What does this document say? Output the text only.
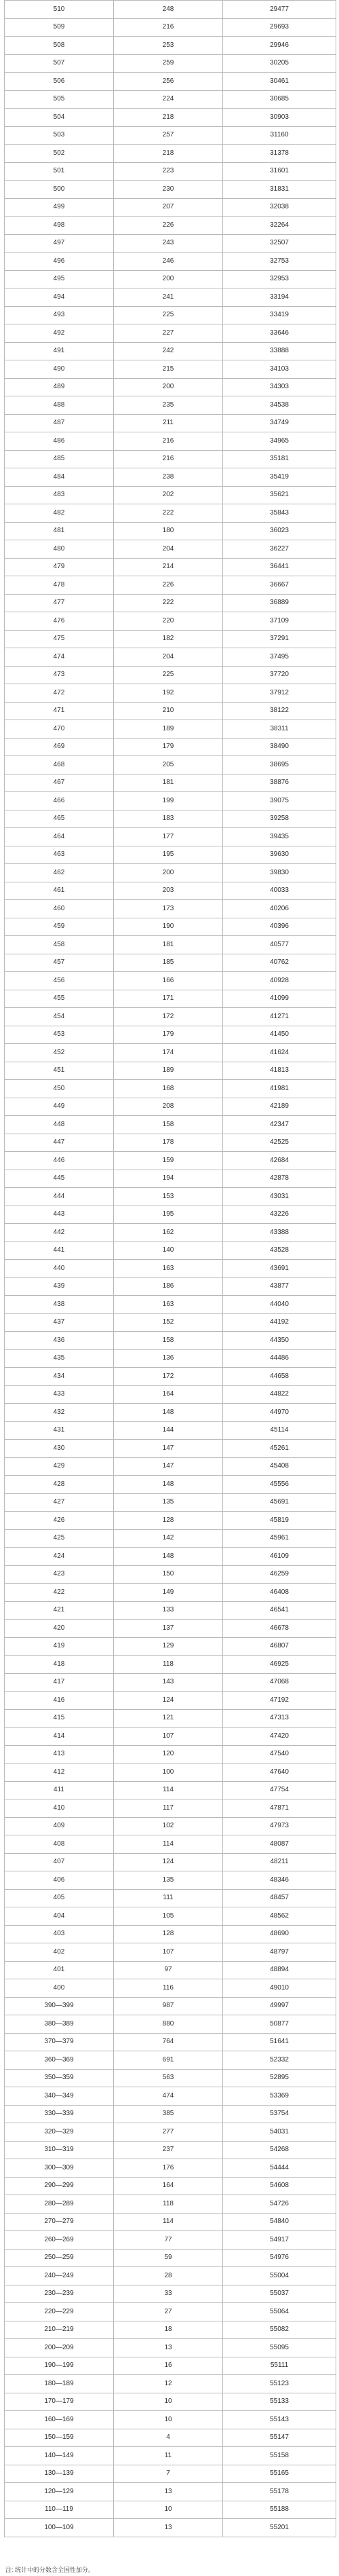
510	248	29477
509	216	29693
508	253	29946
507	259	30205
506	256	30461
505	224	30685
504	218	30903
503	257	31160
502	218	31378
501	223	31601
500	230	31831
499	207	32038
498	226	32264
497	243	32507
496	246	32753
495	200	32953
494	241	33194
493	225	33419
492	227	33646
491	242	33888
490	215	34103
489	200	34303
488	235	34538
487	211	34749
486	216	34965
485	216	35181
484	238	35419
483	202	35621
482	222	35843
481	180	36023
480	204	36227
479	214	36441
478	226	36667
477	222	36889
476	220	37109
475	182	37291
474	204	37495
473	225	37720
472	192	37912
471	210	38122
470	189	38311
469	179	38490
468	205	38695
467	181	38876
466	199	39075
465	183	39258
464	177	39435
463	195	39630
462	200	39830
461	203	40033
460	173	40206
459	190	40396
458	181	40577
457	185	40762
456	166	40928
455	171	41099
454	172	41271
453	179	41450
452	174	41624
451	189	41813
450	168	41981
449	208	42189
448	158	42347
447	178	42525
446	159	42684
445	194	42878
444	153	43031
443	195	43226
442	162	43388
441	140	43528
440	163	43691
439	186	43877
438	163	44040
437	152	44192
436	158	44350
435	136	44486
434	172	44658
433	164	44822
432	148	44970
431	144	45114
430	147	45261
429	147	45408
428	148	45556
427	135	45691
426	128	45819
425	142	45961
424	148	46109
423	150	46259
422	149	46408
421	133	46541
420	137	46678
419	129	46807
418	118	46925
417	143	47068
416	124	47192
415	121	47313
414	107	47420
413	120	47540
412	100	47640
411	114	47754
410	117	47871
409	102	47973
408	114	48087
407	124	48211
406	135	48346
405	111	48457
404	105	48562
403	128	48690
402	107	48797
401	97	48894
400	116	49010
390—399	987	49997
380—389	880	50877
370—379	764	51641
360—369	691	52332
350—359	563	52895
340—349	474	53369
330—339	385	53754
320—329	277	54031
310—319	237	54268
300—309	176	54444
290—299	164	54608
280—289	118	54726
270—279	114	54840
260—269	77	54917
250—259	59	54976
240—249	28	55004
230—239	33	55037
220—229	27	55064
210—219	18	55082
200—209	13	55095
190—199	16	55111
180—189	12	55123
170—179	10	55133
160—169	10	55143
150—159	4	55147
140—149	11	55158
130—139	7	55165
120—129	13	55178
110—119	10	55188
100—109	13	55201
注: 统计中的分数含全国性加分。
